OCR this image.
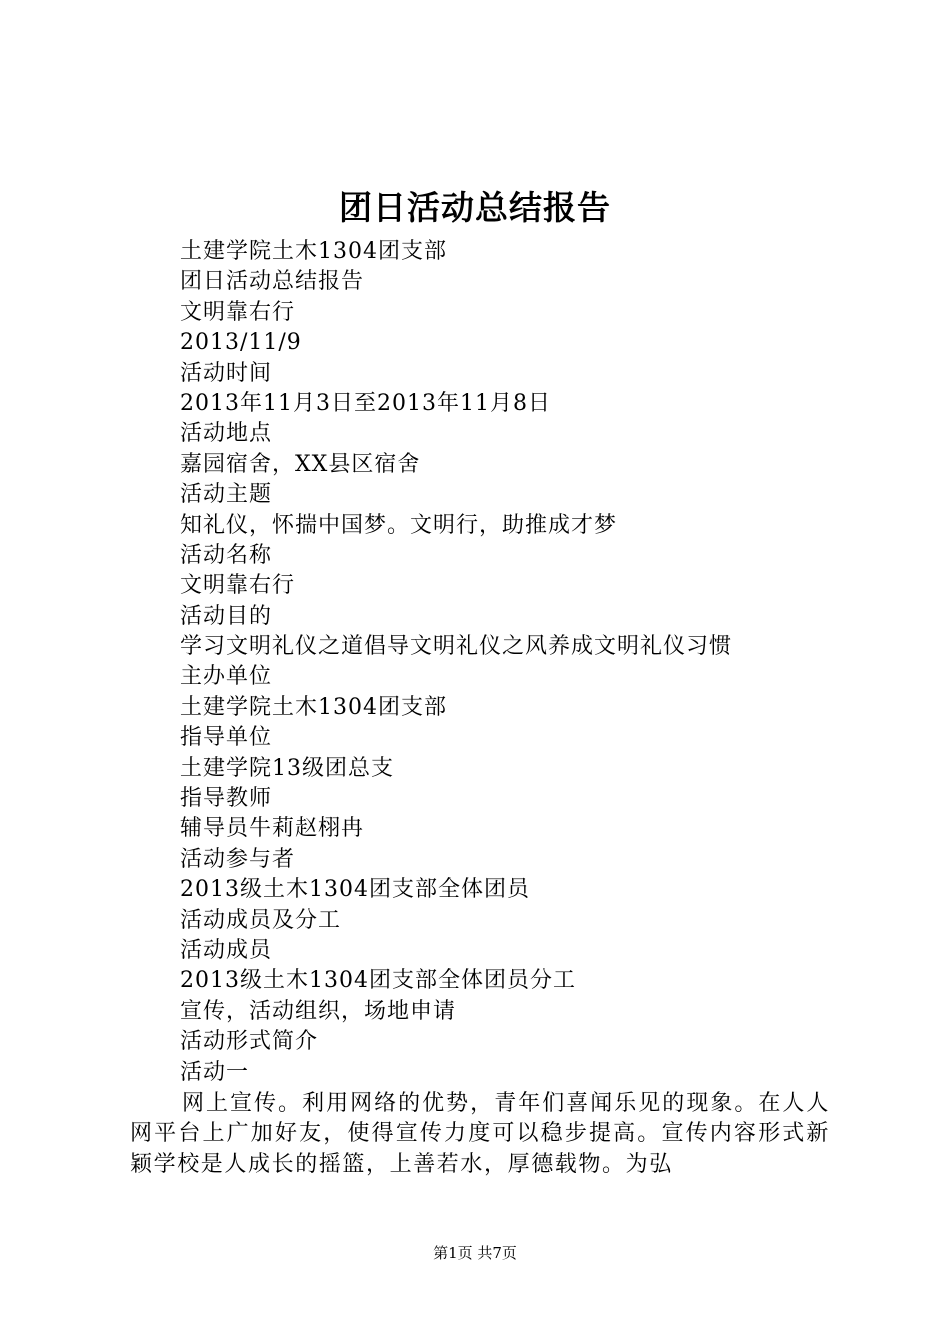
团日活动总结报告
土建学院土木1304团支部
团日活动总结报告
文明靠右行
2013/11/9
活动时间
2013年11月3日至2013年11月8日
活动地点
嘉园宿舍，XX县区宿舍
活动主题
知礼仪，怀揣中国梦。文明行，助推成才梦
活动名称
文明靠右行
活动目的
学习文明礼仪之道倡导文明礼仪之风养成文明礼仪习惯
主办单位
土建学院土木1304团支部
指导单位
土建学院13级团总支
指导教师
辅导员牛莉赵栩冉
活动参与者
2013级土木1304团支部全体团员
活动成员及分工
活动成员
2013级土木1304团支部全体团员分工
宣传，活动组织，场地申请
活动形式简介
活动一

网上宣传。利用网络的优势，青年们喜闻乐见的现象。在人人网平台上广加好友，使得宣传力度可以稳步提高。宣传内容形式新颖学校是人成长的摇篮，上善若水，厚德载物。为弘

第1页 共7页
